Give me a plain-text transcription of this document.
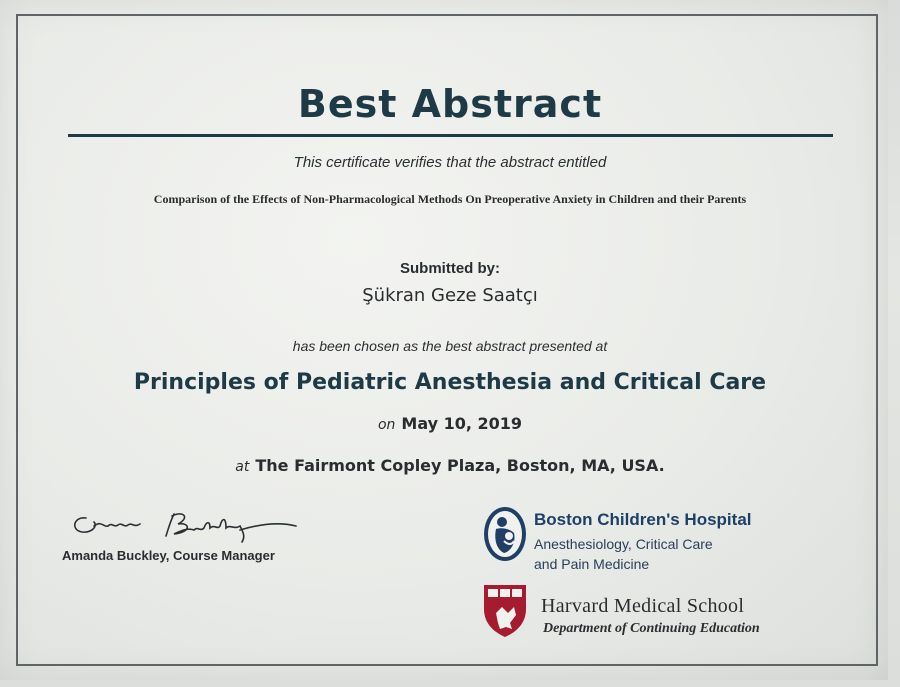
Best Abstract
This certificate verifies that the abstract entitled
Comparison of the Effects of Non-Pharmacological Methods On Preoperative Anxiety in Children and their Parents
Submitted by:
Şükran Geze Saatçı
has been chosen as the best abstract presented at
Principles of Pediatric Anesthesia and Critical Care
on May 10, 2019
at The Fairmont Copley Plaza, Boston, MA, USA.
Amanda Buckley, Course Manager
Boston Children's Hospital
Anesthesiology, Critical Care
and Pain Medicine
Harvard Medical School
Department of Continuing Education
